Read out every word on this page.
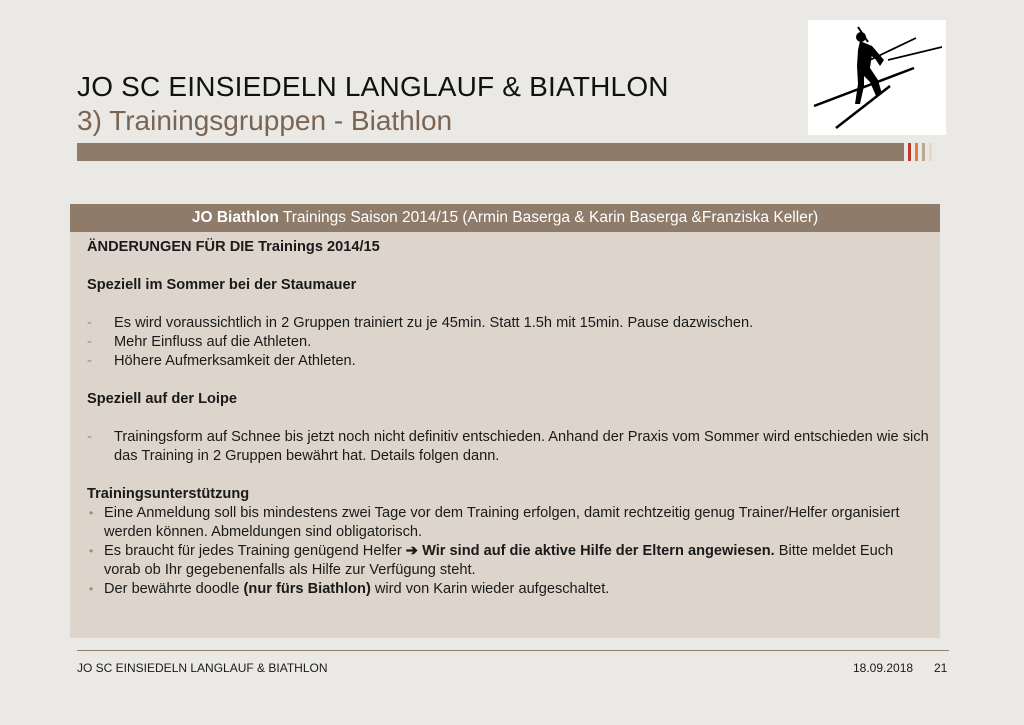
JO SC EINSIEDELN LANGLAUF & BIATHLON
3) Trainingsgruppen - Biathlon
JO Biathlon Trainings Saison 2014/15 (Armin Baserga & Karin Baserga &Franziska Keller)
ÄNDERUNGEN FÜR DIE Trainings 2014/15
Speziell im Sommer bei der Staumauer
- Es wird voraussichtlich in 2 Gruppen trainiert zu je 45min. Statt 1.5h mit 15min. Pause dazwischen.
- Mehr Einfluss auf die Athleten.
- Höhere Aufmerksamkeit der Athleten.
Speziell auf der Loipe
- Trainingsform auf Schnee bis jetzt noch nicht definitiv entschieden. Anhand der Praxis vom Sommer wird entschieden wie sich das Training in 2 Gruppen bewährt hat. Details folgen dann.
Trainingsunterstützung
• Eine Anmeldung soll bis mindestens zwei Tage vor dem Training erfolgen, damit rechtzeitig genug Trainer/Helfer organisiert werden können. Abmeldungen sind obligatorisch.
• Es braucht für jedes Training genügend Helfer ➔ Wir sind auf die aktive Hilfe der Eltern angewiesen. Bitte meldet Euch vorab ob Ihr gegebenenfalls als Hilfe zur Verfügung steht.
• Der bewährte doodle (nur fürs Biathlon) wird von Karin wieder aufgeschaltet.
JO SC EINSIEDELN LANGLAUF & BIATHLON	18.09.2018 21
